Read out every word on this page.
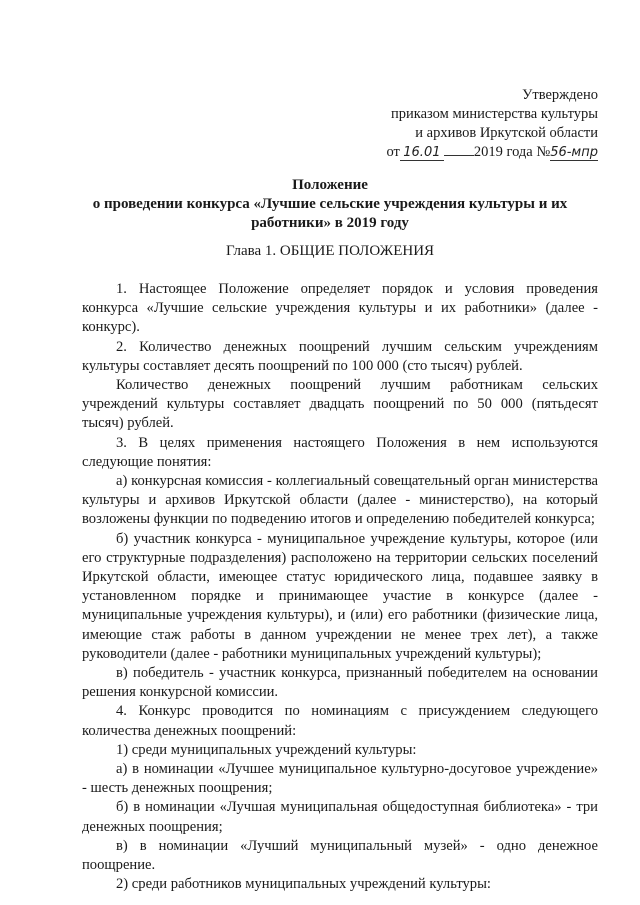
Утверждено
приказом министерства культуры
и архивов Иркутской области
от 16.01 2019 года №56-мпр
Положение
о проведении конкурса «Лучшие сельские учреждения культуры и их
работники» в 2019 году
Глава 1. ОБЩИЕ ПОЛОЖЕНИЯ

1. Настоящее Положение определяет порядок и условия проведения конкурса «Лучшие сельские учреждения культуры и их работники» (далее - конкурс).

2. Количество денежных поощрений лучшим сельским учреждениям культуры составляет десять поощрений по 100 000 (сто тысяч) рублей.

Количество денежных поощрений лучшим работникам сельских учреждений культуры составляет двадцать поощрений по 50 000 (пятьдесят тысяч) рублей.

3. В целях применения настоящего Положения в нем используются следующие понятия:

а) конкурсная комиссия - коллегиальный совещательный орган министерства культуры и архивов Иркутской области (далее - министерство), на который возложены функции по подведению итогов и определению победителей конкурса;

б) участник конкурса - муниципальное учреждение культуры, которое (или его структурные подразделения) расположено на территории сельских поселений Иркутской области, имеющее статус юридического лица, подавшее заявку в установленном порядке и принимающее участие в конкурсе (далее - муниципальные учреждения культуры), и (или) его работники (физические лица, имеющие стаж работы в данном учреждении не менее трех лет), а также руководители (далее - работники муниципальных учреждений культуры);

в) победитель - участник конкурса, признанный победителем на основании решения конкурсной комиссии.

4. Конкурс проводится по номинациям с присуждением следующего количества денежных поощрений:

1) среди муниципальных учреждений культуры:

а) в номинации «Лучшее муниципальное культурно-досуговое учреждение» - шесть денежных поощрения;

б) в номинации «Лучшая муниципальная общедоступная библиотека» - три денежных поощрения;

в) в номинации «Лучший муниципальный музей» - одно денежное поощрение.

2) среди работников муниципальных учреждений культуры:
